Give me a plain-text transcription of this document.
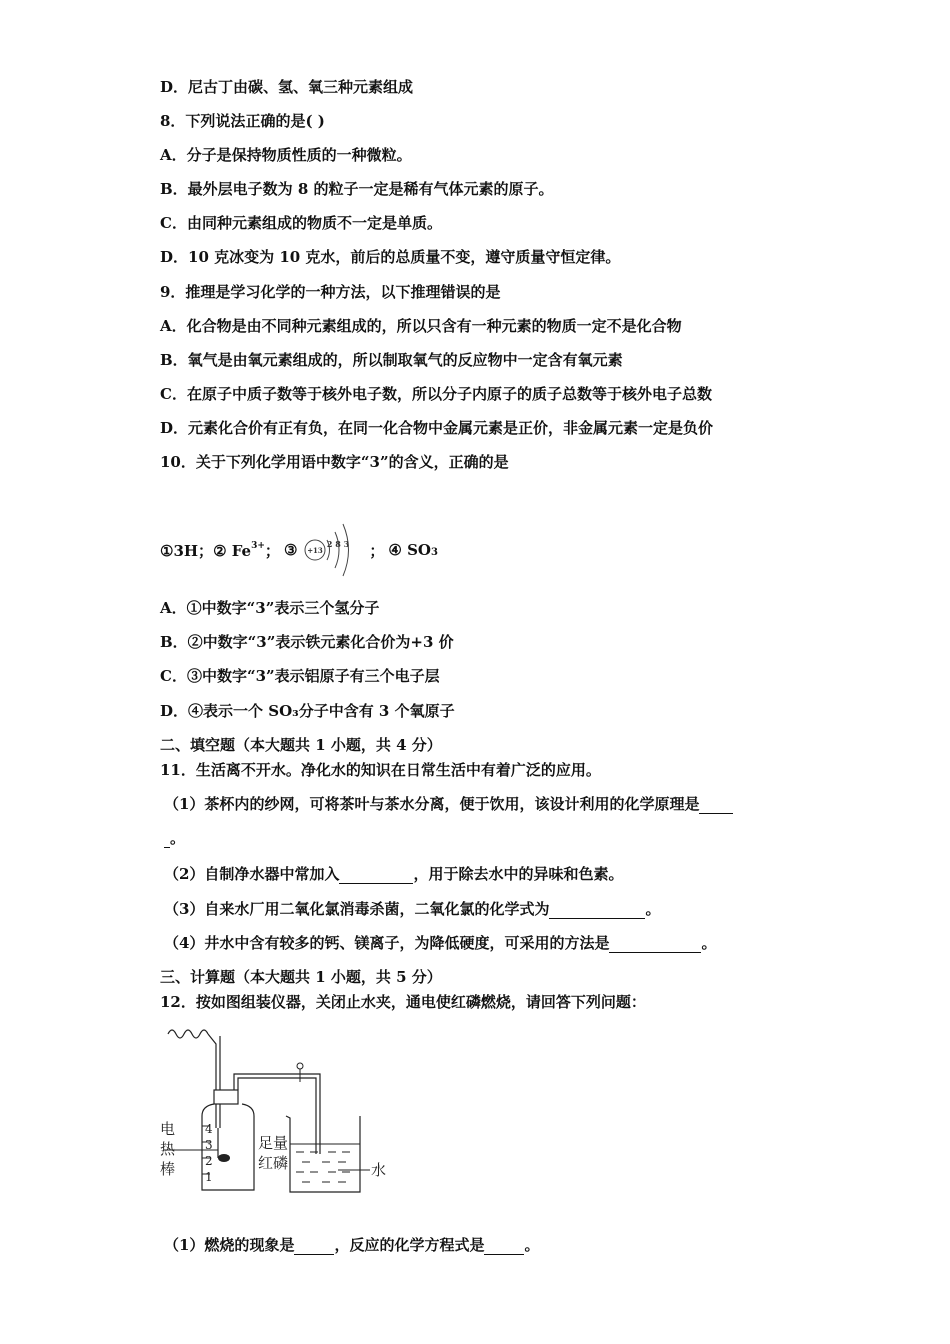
D．尼古丁由碳、氢、氧三种元素组成
8．下列说法正确的是( )
A．分子是保持物质性质的一种微粒。
B．最外层电子数为 8 的粒子一定是稀有气体元素的原子。
C．由同种元素组成的物质不一定是单质。
D．10 克冰变为 10 克水，前后的总质量不变，遵守质量守恒定律。
9．推理是学习化学的一种方法，以下推理错误的是
A．化合物是由不同种元素组成的，所以只含有一种元素的物质一定不是化合物
B．氧气是由氧元素组成的，所以制取氧气的反应物中一定含有氧元素
C．在原子中质子数等于核外电子数，所以分子内原子的质子总数等于核外电子总数
D．元素化合价有正有负，在同一化合物中金属元素是正价，非金属元素一定是负价
10．关于下列化学用语中数字“3”的含义，正确的是
①3H； ② $Fe^{3+}$； ③ +13
2 8 3 ； ④ SO3
A．①中数字“3”表示三个氢分子
B．②中数字“3”表示铁元素化合价为+3 价
C．③中数字“3”表示铝原子有三个电子层
D．④表示一个 SO₃分子中含有 3 个氧原子
二、填空题（本大题共 1 小题，共 4 分）
11．生活离不开水。净化水的知识在日常生活中有着广泛的应用。
（1）茶杯内的纱网，可将茶叶与茶水分离，便于饮用，该设计利用的化学原理是
。
（2）自制净水器中常加入	，用于除去水中的异味和色素。
（3）自来水厂用二氧化氯消毒杀菌，二氧化氯的化学式为	。
（4）井水中含有较多的钙、镁离子，为降低硬度，可采用的方法是	。
三、计算题（本大题共 1 小题，共 5 分）
12．按如图组装仪器，关闭止水夹，通电使红磷燃烧，请回答下列问题：
4
3
2
1
电
热
棒
足量
红磷	水
（1）燃烧的现象是	，反应的化学方程式是	。
